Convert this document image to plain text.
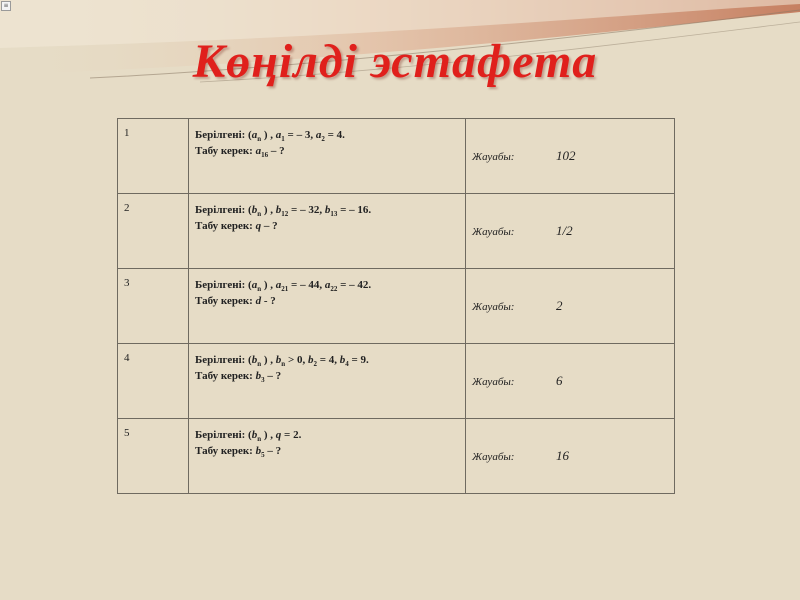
≡
Көңілді эстафета
1	Берілгені: ($a_n$ ) , $a_1$ = – 3, $a_2 = 4$.
Табу керек: $a_{16}$ – ?	Жауабы: 102
2	Берілгені: ($b_n$ ) , $b_{12}$ = – 32, $b_{13}$ = – 16.
Табу керек: q – ?	Жауабы: 1/2
3	Берілгені: ($a_n$ ) , $a_{21}$ = – 44, $a_{22}$ = – 42.
Табу керек: d - ?	Жауабы: 2
4	Берілгені: ($b_n$ ) , $b_n > 0$, $b_2 = 4$, $b_4 = 9$.
Табу керек: $b_3$ – ?	Жауабы: 6
5	Берілгені: ($b_n$ ) , q = 2.
Табу керек: $b_5$ – ?	Жауабы: 16
